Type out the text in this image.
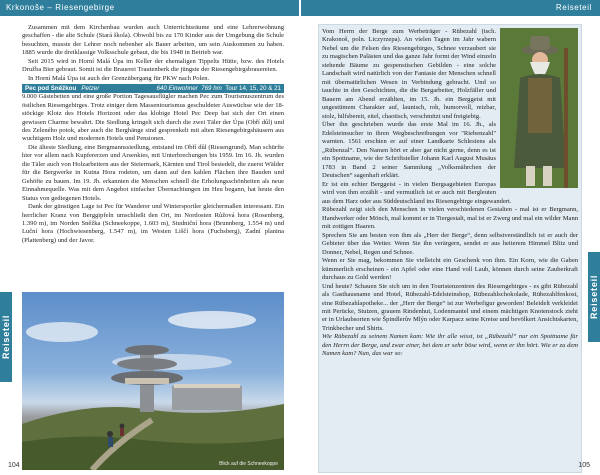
Krkonoše – Riesengebirge	Reiseteil
Reiseteil
Reiseteil

Zusammen mit dem Kirchenbau wurden auch Unterrichtsräume und eine Lehrerwohnung geschaffen - die alte Schule (Stará škola). Obwohl bis zu 170 Kinder aus der Umgebung die Schule besuchten, musste der Lehrer noch nebenher als Bauer arbeiten, um sein Auskommen zu haben. 1885 wurde die dreiklassige Volksschule gebaut, die bis 1948 in Betrieb war.

Seit 2015 wird in Horní Malá Úpa im Keller der ehemaligen Tippelts Hütte, bzw. des Hotels Družba Bier gebraut. Somit ist die Brauerei Trautenberk die jüngste der Riesengebirgsbrauereien.

In Horní Malá Úpa ist auch der Grenzübergang für PKW nach Polen.

Pec pod Sněžkou Petzer	640 Einwohner 769 hm Tour 14, 15, 20 & 21

9.000 Gästebetten und eine große Portion Tagesausflügler machen Pec zum Tourismuszentrum des östlichen Riesengebirges. Trotz einiger dem Massentourismus geschuldeter Auswüchse wie der 18-stöckige Klotz des Hotels Horizont oder das klobige Hotel Pec Deep hat sich der Ort einen gewissen Charme bewahrt. Die Siedlung kringelt sich durch die zwei Täler der Úpa (Obří důl) und des Zeleného potok, aber auch die Berghänge sind gesprenkelt mit alten Riesengebirgshäusern aus wuchtigem Holz und modernen Hotels und Pensionen.

Die älteste Siedlung, eine Bergmannssiedlung, entstand im Obří důl (Riesengrund). Man schürfte hier vor allem nach Kupfererzen und Arsenkies, mit Unterbrechungen bis 1959. Im 16. Jh. wurden die Täler auch von Holzarbeitern aus der Steiermark, Kärnten und Tirol besiedelt, die zuerst Wälder für die Bergwerke in Kutna Hora rodeten, um dann auf den kahlen Flächen ihre Bauden und Gehöfte zu bauen. Im 19. Jh. erkannten die Menschen schnell die Erholungsschönheiten als neue Einnahmequelle. Was mit dem Angebot einfacher Übernachtungen im Heu begann, hat heute den Status von gediegenen Hotels.

Dank der günstigen Lage ist Pec für Wanderer und Wintersportler gleichermaßen interessant. Ein herrlicher Kranz von Berggipfeln umschließt den Ort, im Nordosten Růžová hora (Rosenberg, 1.390 m), im Norden Sněžka (Schneekoppe, 1.603 m), Studniční hora (Brunnberg, 1.554 m) und Luční hora (Hochwiesenberg, 1.547 m), im Westen Liščí hora (Fuchsberg), Zadní planina (Plattenberg) und der Javor.

Blick auf die Schneekoppe
104

Vom Herrn der Berge zum Werbeträger - Rübezahl (tsch. Krakonoš, poln. Liczyrzepa). An vielen Tagen im Jahr wabern Nebel um die Felsen des Riesengebirges, Schnee verzaubert sie zu magischen Palästen und das ganze Jahr formt der Wind einzeln stehende Bäume zu gespenstischen Gebilden - eine solche Landschaft wird natürlich von der Fantasie der Menschen schnell mit übernatürlichen Wesen in Verbindung gebracht. Und so tauchte in den Geschichten, die die Bergarbeiter, Holzfäller und Bauern am Abend erzählten, im 15. Jh. ein Berggeist mit ungestümem Charakter auf, launisch, roh, humorvoll, reizbar, stolz, hilfsbereit, eitel, chaotisch, verschmitzt und freigiebig.

Über ihn geschrieben wurde das erste Mal im 16. Jh., als Edelsteinsucher in ihren Wegbeschreibungen vor "Riebenzahl" warnten. 1561 erschien er auf einer Landkarte Schlesiens als „Rübenzal“. Den Namen hört er aber gar nicht gerne, denn es ist ein Spottname, wie der Schriftsteller Johann Karl August Musäus 1783 in Band 2 seiner Sammlung „Volksmährchen der Deutschen“ sagenhaft erklärt.

Er ist ein echter Berggeist - in vielen Bergsagebieten Europas wird von ihm erzählt - und vermutlich ist er auch mit Bergleuten aus dem Harz oder aus Süddeutschland ins Riesengebirge eingewandert.

Rübezahl zeigt sich den Menschen in vielen verschiedenen Gestalten - mal ist er Bergmann, Handwerker oder Mönch, mal kommt er in Tiergestalt, mal ist er Zwerg und mal ein wilder Mann mit zottigen Haaren.

Sprechen Sie am besten von ihm als „Herr der Berge“, denn selbstverständlich ist er auch der Gebieter über das Wetter. Wenn Sie ihn verärgern, sendet er aus heiterem Himmel Blitz und Donner, Nebel, Regen und Schnee.

Wenn er Sie mag, bekommen Sie vielleicht ein Geschenk von ihm. Ein Korn, wie die Gaben kümmerlich erscheinen - ein Apfel oder eine Hand voll Laub, können durch seine Zauberkraft durchaus zu Gold werden!

Und heute? Schauen Sie sich um in den Touristenzentren des Riesengebirges - es gibt Rübezahl als Gasthausname und Hotel, Rübezahl-Edelsteinshop, Rübezahlschokolade, Rübezahlfenkost, eine Rübezahlapotheke... der „Herr der Berge“ ist zur Werbefigur geworden! Beleidelt verkleidet mit Perücke, Stutzen, grauem Rindenhut, Lodenmantel und einem mächtigen Knotenstock zieht er in Urlaubsorten wie Špindlerův Mlýn oder Karpacz seine Kreise und bevölkert Ansichtskarten, Trinkbecher und Shirts.

Wie Rübezahl zu seinem Namen kam: Wie ihr alle wisst, ist „Rübezahl“ nur ein Spottname für den Herrn der Berge, und zwar einer, bei dem er sehr böse wird, wenn er ihn hört. Wie er zu dem Namen kam? Nun, das war so:

105
